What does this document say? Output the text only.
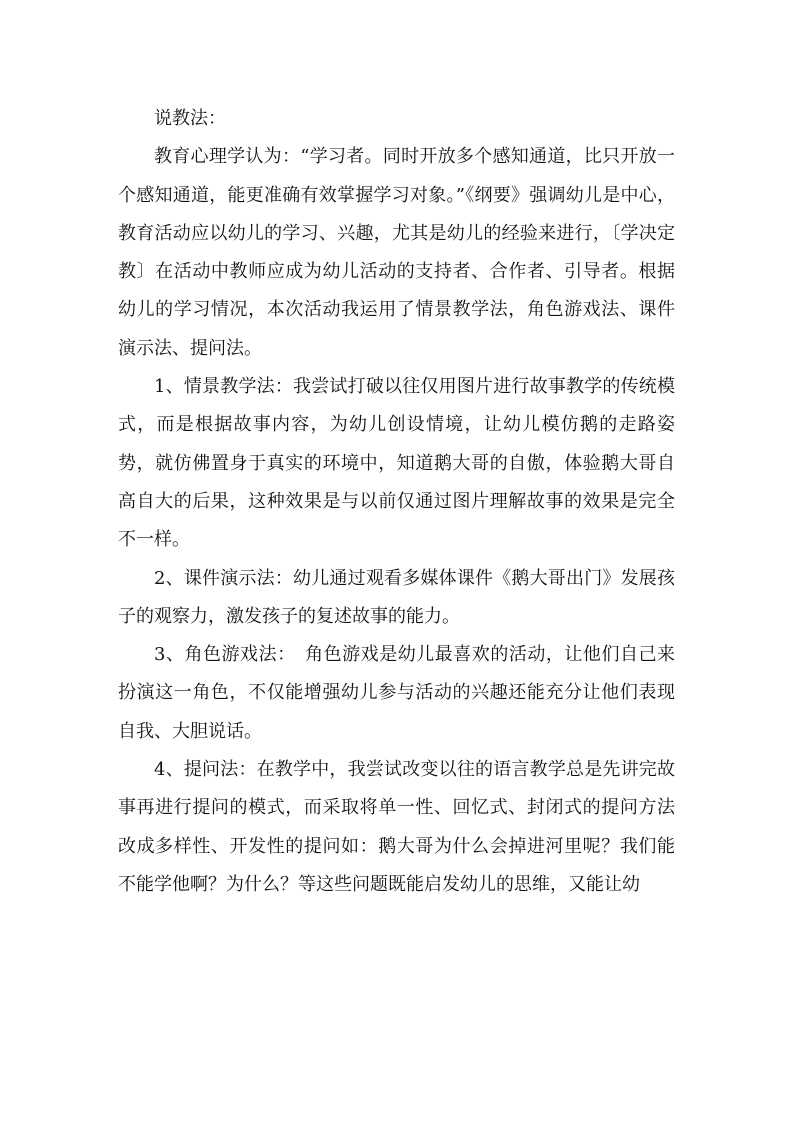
说教法：

教育心理学认为：“学习者。同时开放多个感知通道，比只开放一个感知通道，能更准确有效掌握学习对象。”《纲要》强调幼儿是中心，教育活动应以幼儿的学习、兴趣，尤其是幼儿的经验来进行，〔学决定教〕在活动中教师应成为幼儿活动的支持者、合作者、引导者。根据幼儿的学习情况，本次活动我运用了情景教学法，角色游戏法、课件演示法、提问法。

1、情景教学法：我尝试打破以往仅用图片进行故事教学的传统模式，而是根据故事内容，为幼儿创设情境，让幼儿模仿鹅的走路姿势，就仿佛置身于真实的环境中，知道鹅大哥的自傲，体验鹅大哥自高自大的后果，这种效果是与以前仅通过图片理解故事的效果是完全不一样。

2、课件演示法：幼儿通过观看多媒体课件《鹅大哥出门》发展孩子的观察力，激发孩子的复述故事的能力。

3、角色游戏法：　角色游戏是幼儿最喜欢的活动，让他们自己来扮演这一角色，不仅能增强幼儿参与活动的兴趣还能充分让他们表现自我、大胆说话。

4、提问法：在教学中，我尝试改变以往的语言教学总是先讲完故事再进行提问的模式，而采取将单一性、回忆式、封闭式的提问方法改成多样性、开发性的提问如：鹅大哥为什么会掉进河里呢？我们能不能学他啊？为什么？等这些问题既能启发幼儿的思维，又能让幼
